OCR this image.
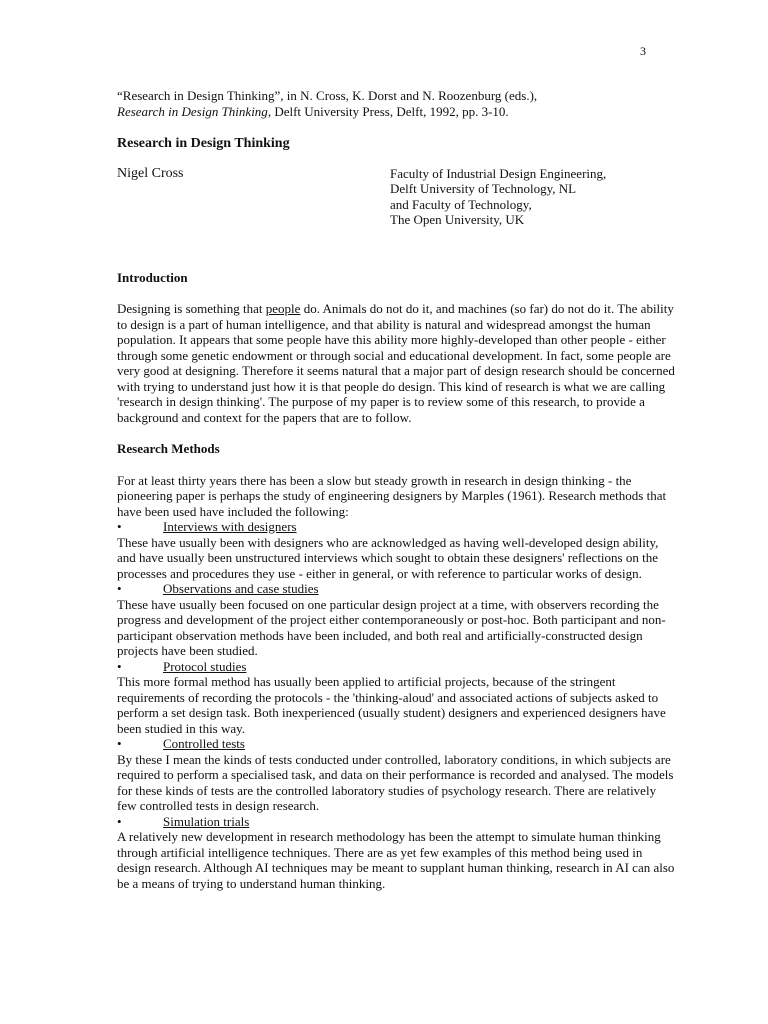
3
“Research in Design Thinking”, in N. Cross, K. Dorst and N. Roozenburg (eds.),
Research in Design Thinking, Delft University Press, Delft, 1992, pp. 3-10.
Research in Design Thinking
Nigel Cross	Faculty of Industrial Design Engineering,
Delft University of Technology, NL
and Faculty of Technology,
The Open University, UK
Introduction

Designing is something that people do. Animals do not do it, and machines (so far) do not do it. The ability to design is a part of human intelligence, and that ability is natural and widespread amongst the human population. It appears that some people have this ability more highly-developed than other people - either through some genetic endowment or through social and educational development. In fact, some people are very good at designing. Therefore it seems natural that a major part of design research should be concerned with trying to understand just how it is that people do design. This kind of research is what we are calling 'research in design thinking'. The purpose of my paper is to review some of this research, to provide a background and context for the papers that are to follow.

Research Methods

For at least thirty years there has been a slow but steady growth in research in design thinking - the pioneering paper is perhaps the study of engineering designers by Marples (1961). Research methods that have been used have included the following:

•	Interviews with designers

These have usually been with designers who are acknowledged as having well-developed design ability, and have usually been unstructured interviews which sought to obtain these designers' reflections on the processes and procedures they use - either in general, or with reference to particular works of design.

•	Observations and case studies

These have usually been focused on one particular design project at a time, with observers recording the progress and development of the project either contemporaneously or post-hoc. Both participant and non-participant observation methods have been included, and both real and artificially-constructed design projects have been studied.

•	Protocol studies

This more formal method has usually been applied to artificial projects, because of the stringent requirements of recording the protocols - the 'thinking-aloud' and associated actions of subjects asked to perform a set design task. Both inexperienced (usually student) designers and experienced designers have been studied in this way.

•	Controlled tests

By these I mean the kinds of tests conducted under controlled, laboratory conditions, in which subjects are required to perform a specialised task, and data on their performance is recorded and analysed. The models for these kinds of tests are the controlled laboratory studies of psychology research. There are relatively few controlled tests in design research.

•	Simulation trials

A relatively new development in research methodology has been the attempt to simulate human thinking through artificial intelligence techniques. There are as yet few examples of this method being used in design research. Although AI techniques may be meant to supplant human thinking, research in AI can also be a means of trying to understand human thinking.
